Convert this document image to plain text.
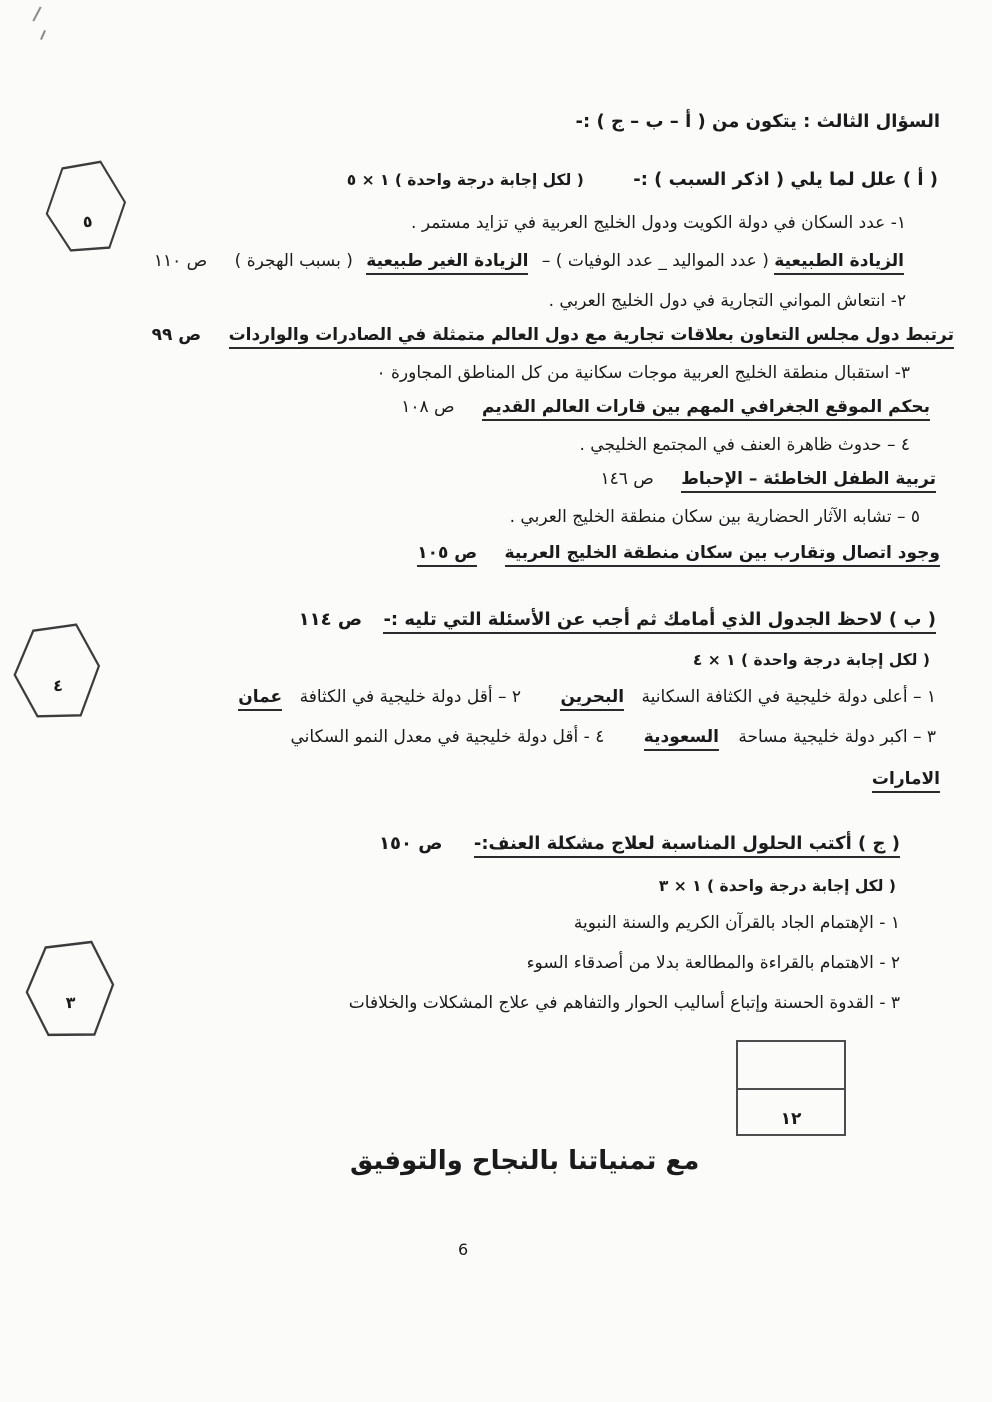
٥
٤
٣
السؤال الثالث : يتكون من ( أ – ب – ج ) :-
( أ ) علل لما يلي ( اذكر السبب ) :- ( لكل إجابة درجة واحدة ) ١ × ٥
١- عدد السكان في دولة الكويت ودول الخليج العربية في تزايد مستمر .
الزيادة الطبيعية ( عدد المواليد _ عدد الوفيات ) – الزيادة الغير طبيعية ( بسبب الهجرة ) ص ١١٠
٢- انتعاش المواني التجارية في دول الخليج العربي .
ترتبط دول مجلس التعاون بعلاقات تجارية مع دول العالم متمثلة في الصادرات والواردات ص ٩٩
٣- استقبال منطقة الخليج العربية موجات سكانية من كل المناطق المجاورة ٠
بحكم الموقع الجغرافي المهم بين قارات العالم القديم ص ١٠٨
٤ – حدوث ظاهرة العنف في المجتمع الخليجي .
تربية الطفل الخاطئة – الإحباط ص ١٤٦
٥ – تشابه الآثار الحضارية بين سكان منطقة الخليج العربي .
وجود اتصال وتقارب بين سكان منطقة الخليج العربية ص ١٠٥
( ب ) لاحظ الجدول الذي أمامك ثم أجب عن الأسئلة التي تليه :- ص ١١٤
( لكل إجابة درجة واحدة ) ١ × ٤
١ – أعلى دولة خليجية في الكثافة السكانية البحرين ٢ – أقل دولة خليجية في الكثافة عمان
٣ – اكبر دولة خليجية مساحة السعودية ٤ - أقل دولة خليجية في معدل النمو السكاني
الامارات
( ج ) أكتب الحلول المناسبة لعلاج مشكلة العنف:- ص ١٥٠
( لكل إجابة درجة واحدة ) ١ × ٣
١ - الإهتمام الجاد بالقرآن الكريم والسنة النبوية
٢ - الاهتمام بالقراءة والمطالعة بدلا من أصدقاء السوء
٣ - القدوة الحسنة وإتباع أساليب الحوار والتفاهم في علاج المشكلات والخلافات
١٢
مع تمنياتنا بالنجاح والتوفيق
6
